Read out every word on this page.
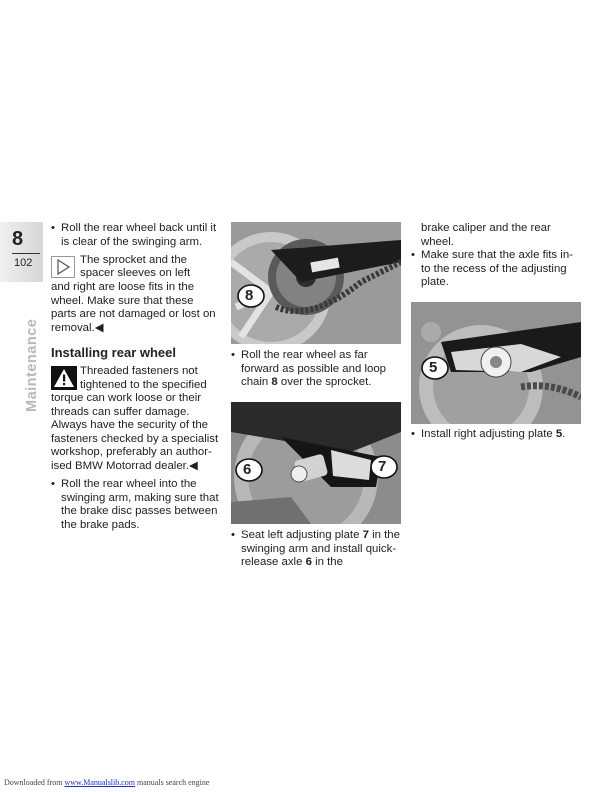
8
102
Maintenance
• Roll the rear wheel back until it is clear of the swinging arm.
The sprocket and the
spacer sleeves on left
and right are loose fits in the wheel. Make sure that these parts are not damaged or lost on removal.◀
Installing rear wheel
Threaded fasteners not
tightened to the specified
torque can work loose or their
threads can suffer damage.
Always have the security of the
fasteners checked by a specialist
workshop, preferably an author-
ised BMW Motorrad dealer.◀
• Roll the rear wheel into the swinging arm, making sure that the brake disc passes between the brake pads.
8
• Roll the rear wheel as far forward as possible and loop chain 8 over the sprocket.
6	7
• Seat left adjusting plate 7 in the swinging arm and install quick-release axle 6 in the
brake caliper and the rear wheel.
• Make sure that the axle fits in- to the recess of the adjusting plate.
5
• Install right adjusting plate 5.
Downloaded from www.Manualslib.com manuals search engine
